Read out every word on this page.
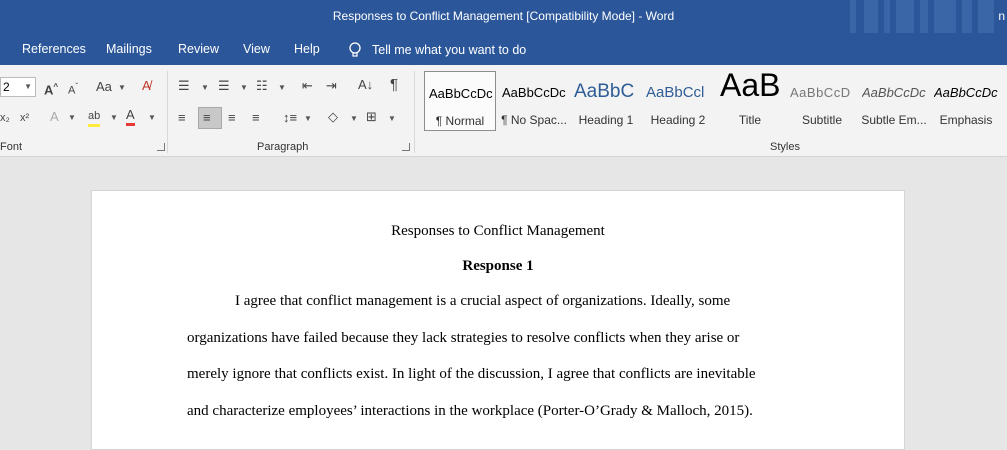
Responses to Conflict Management [Compatibility Mode] - Word	n
References Mailings Review View Help	Tell me what you want to do
2 ▼ A^ $A^ˇ$ Aa ▼ A̸
x₂ x² A ▼ ab ▼ A ▼
Font
☰ ▼ ☰ ▼ ☷ ▼ ⇤ ⇥ A↓ ¶
≡ ≡ ≡ ≡ ↕≡ ▼ ◇ ▼ ⊞ ▼
Paragraph
AaBbCcDc
¶ Normal
AaBbCcDc
¶ No Spac...
AaBbC
Heading 1
AaBbCcl
Heading 2
AaB
Title
AaBbCcD
Subtitle
AaBbCcDc
Subtle Em...
AaBbCcDc
Emphasis
Styles
Responses to Conflict Management
Response 1
I agree that conflict management is a crucial aspect of organizations. Ideally, some
organizations have failed because they lack strategies to resolve conflicts when they arise or
merely ignore that conflicts exist. In light of the discussion, I agree that conflicts are inevitable
and characterize employees’ interactions in the workplace (Porter-O’Grady & Malloch, 2015).
